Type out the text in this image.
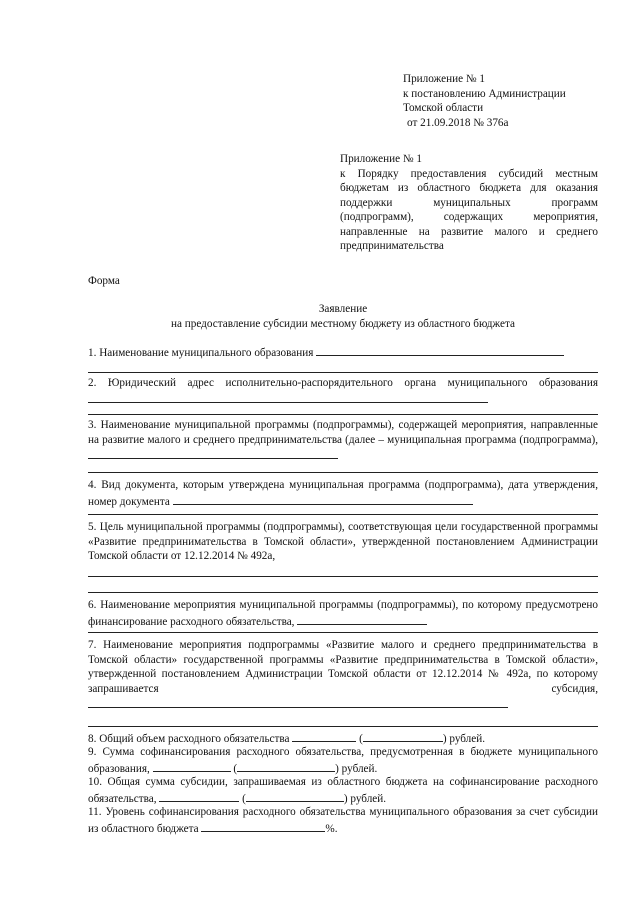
Приложение № 1
к постановлению Администрации
Томской области
от 21.09.2018 № 376а
Приложение № 1
к Порядку предоставления субсидий местным бюджетам из областного бюджета для оказания поддержки муниципальных программ (подпрограмм), содержащих мероприятия, направленные на развитие малого и среднего предпринимательства
Форма
Заявление
на предоставление субсидии местному бюджету из областного бюджета
1. Наименование муниципального образования
2. Юридический адрес исполнительно-распорядительного органа муниципального образования
3. Наименование муниципальной программы (подпрограммы), содержащей мероприятия, направленные на развитие малого и среднего предпринимательства (далее – муниципальная программа (подпрограмма),
4. Вид документа, которым утверждена муниципальная программа (подпрограмма), дата утверждения, номер документа
5. Цель муниципальной программы (подпрограммы), соответствующая цели государственной программы «Развитие предпринимательства в Томской области», утвержденной постановлением Администрации Томской области от 12.12.2014 № 492а,
6. Наименование мероприятия муниципальной программы (подпрограммы), по которому предусмотрено финансирование расходного обязательства,
7. Наименование мероприятия подпрограммы «Развитие малого и среднего предпринимательства в Томской области» государственной программы «Развитие предпринимательства в Томской области», утвержденной постановлением Администрации Томской области от 12.12.2014 № 492а, по которому запрашивается субсидия,
8. Общий объем расходного обязательства	(	) рублей.
9. Сумма софинансирования расходного обязательства, предусмотренная в бюджете муниципального образования,	(	) рублей.
10. Общая сумма субсидии, запрашиваемая из областного бюджета на софинансирование расходного обязательства,	(	) рублей.
11. Уровень софинансирования расходного обязательства муниципального образования за счет субсидии из областного бюджета	%.
